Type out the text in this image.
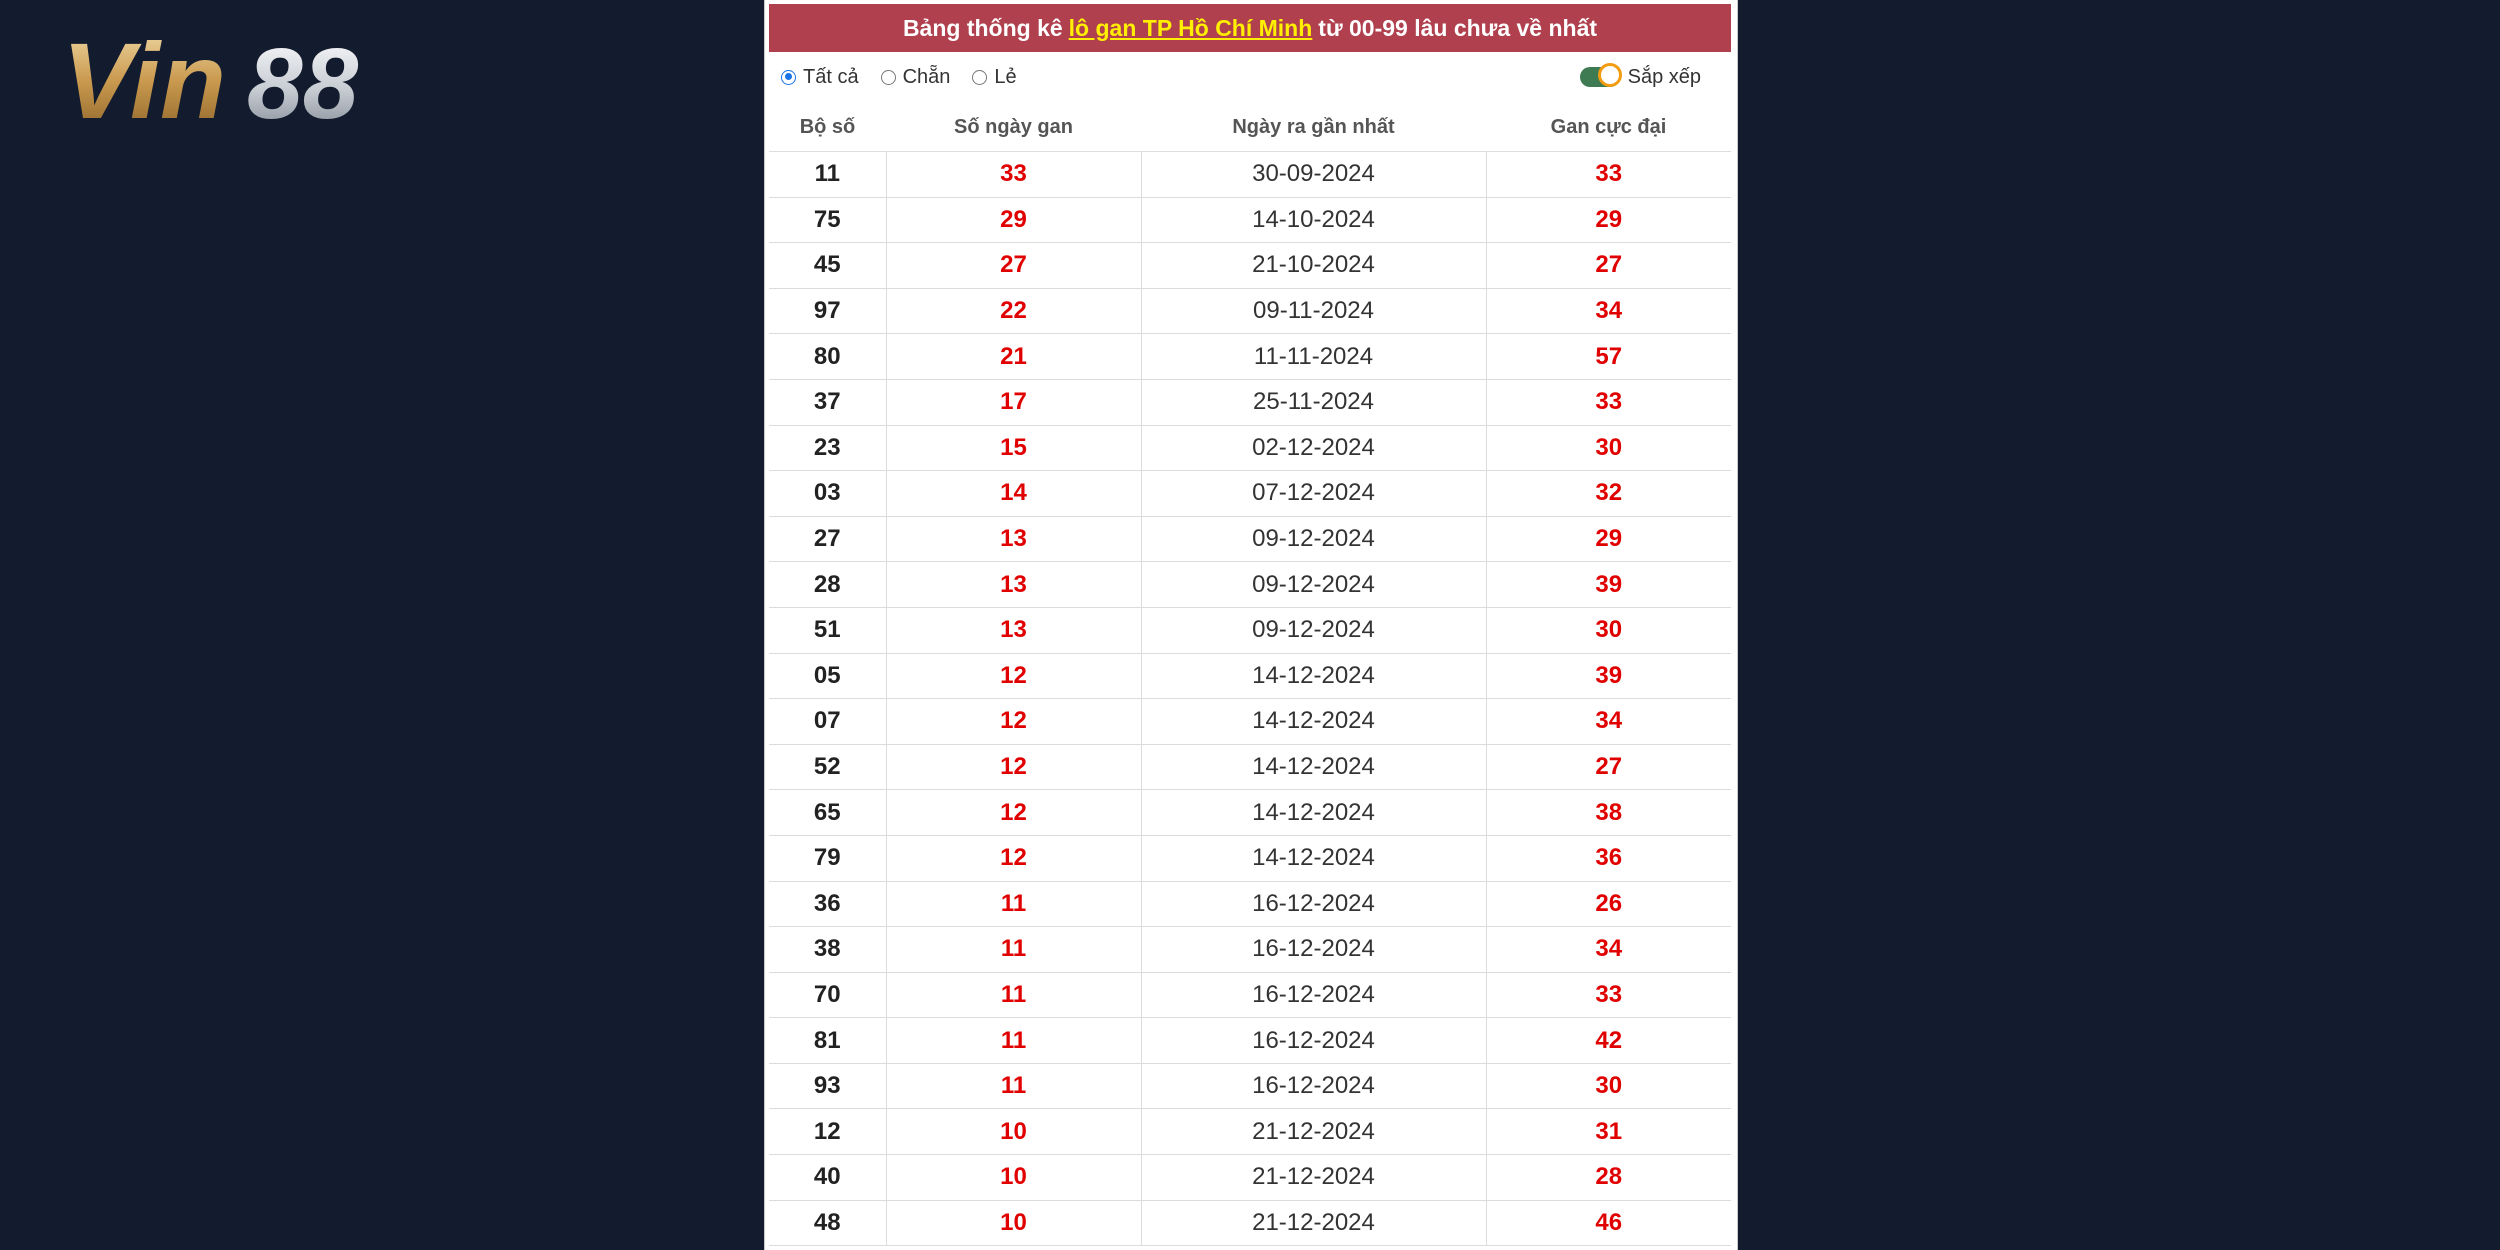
Vin 88
Bảng thống kê lô gan TP Hồ Chí Minh từ 00-99 lâu chưa về nhất
Tất cả Chẵn Lẻ	Sắp xếp
Bộ số	Số ngày gan	Ngày ra gần nhất	Gan cực đại
11	33	30-09-2024	33
75	29	14-10-2024	29
45	27	21-10-2024	27
97	22	09-11-2024	34
80	21	11-11-2024	57
37	17	25-11-2024	33
23	15	02-12-2024	30
03	14	07-12-2024	32
27	13	09-12-2024	29
28	13	09-12-2024	39
51	13	09-12-2024	30
05	12	14-12-2024	39
07	12	14-12-2024	34
52	12	14-12-2024	27
65	12	14-12-2024	38
79	12	14-12-2024	36
36	11	16-12-2024	26
38	11	16-12-2024	34
70	11	16-12-2024	33
81	11	16-12-2024	42
93	11	16-12-2024	30
12	10	21-12-2024	31
40	10	21-12-2024	28
48	10	21-12-2024	46
